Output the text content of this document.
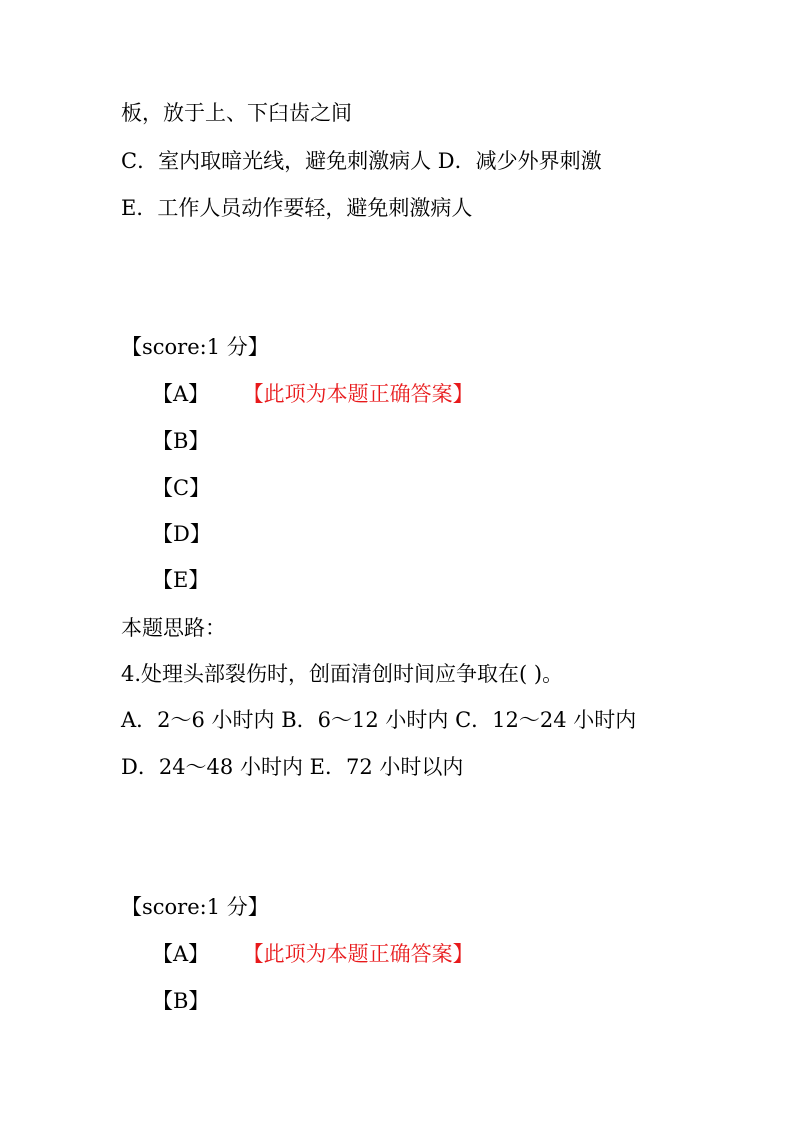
板，放于上、下臼齿之间
C．室内取暗光线，避免刺激病人 D．减少外界刺激
E．工作人员动作要轻，避免刺激病人
【score:1 分】
【A】 【此项为本题正确答案】
【B】
【C】
【D】
【E】
本题思路：
4.处理头部裂伤时，创面清创时间应争取在( )。
A．2～6 小时内 B．6～12 小时内 C．12～24 小时内
D．24～48 小时内 E．72 小时以内
【score:1 分】
【A】 【此项为本题正确答案】
【B】
